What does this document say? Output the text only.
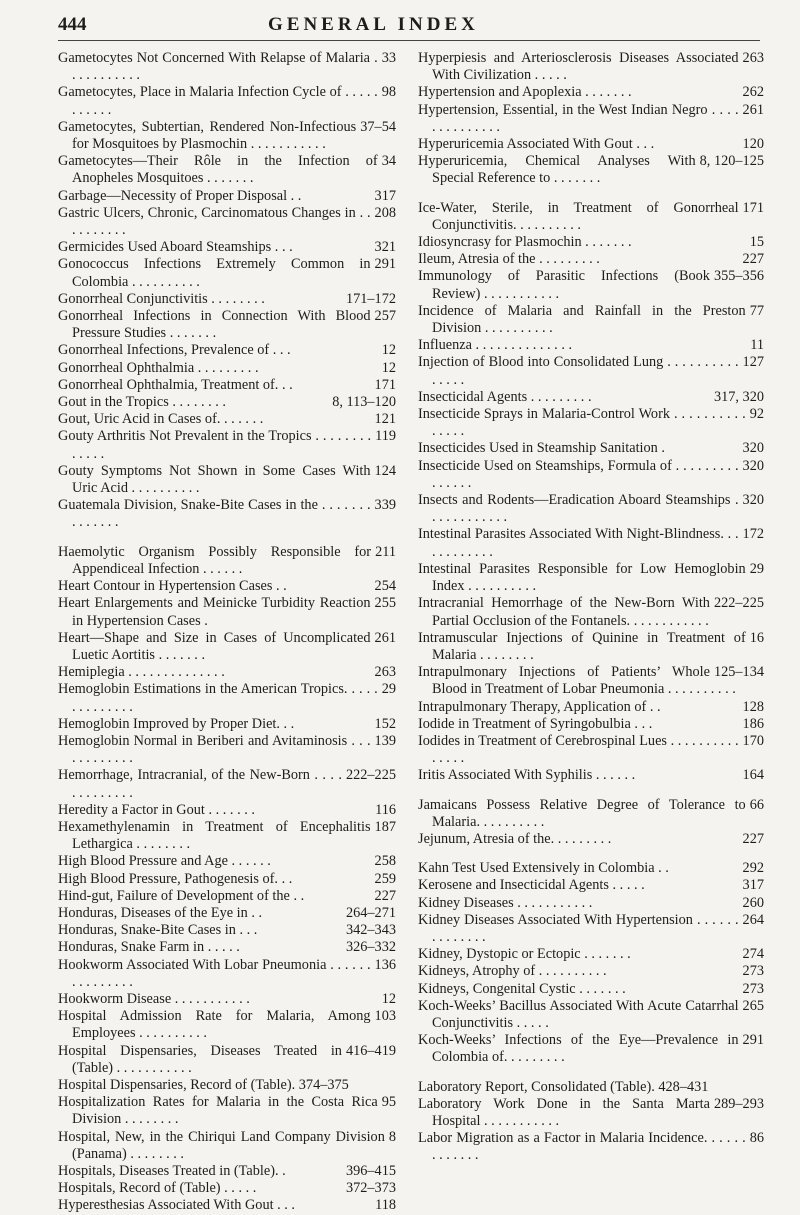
444	GENERAL INDEX

33
Gametocytes Not Concerned With Relapse of Malaria . . . . . . . . . . .

98
Gametocytes, Place in Malaria Infection Cycle of . . . . . . . . . . .

37–54
Gametocytes, Subtertian, Rendered Non-Infectious for Mosquitoes by Plasmochin . . . . . . . . . . .

34
Gametocytes—Their Rôle in the Infection of Anopheles Mosquitoes . . . . . . .

317
Garbage—Necessity of Proper Disposal . .

208
Gastric Ulcers, Chronic, Carcinomatous Changes in . . . . . . . . . .

321
Germicides Used Aboard Steamships . . .

291
Gonococcus Infections Extremely Common in Colombia . . . . . . . . . .

171–172
Gonorrheal Conjunctivitis . . . . . . . .

257
Gonorrheal Infections in Connection With Blood Pressure Studies . . . . . . .

12
Gonorrheal Infections, Prevalence of . . .

12
Gonorrheal Ophthalmia . . . . . . . . .

171
Gonorrheal Ophthalmia, Treatment of. . .

8, 113–120
Gout in the Tropics . . . . . . . .

121
Gout, Uric Acid in Cases of. . . . . . .

119
Gouty Arthritis Not Prevalent in the Tropics . . . . . . . . . . . . .

124
Gouty Symptoms Not Shown in Some Cases With Uric Acid . . . . . . . . . .

339
Guatemala Division, Snake-Bite Cases in the . . . . . . . . . . . . . .

211
Haemolytic Organism Possibly Responsible for Appendiceal Infection . . . . . .

254
Heart Contour in Hypertension Cases . .

255
Heart Enlargements and Meinicke Turbidity Reaction in Hypertension Cases .

261
Heart—Shape and Size in Cases of Uncomplicated Luetic Aortitis . . . . . . .

263
Hemiplegia . . . . . . . . . . . . . .

29
Hemoglobin Estimations in the American Tropics. . . . . . . . . . . . . .

152
Hemoglobin Improved by Proper Diet. . .

139
Hemoglobin Normal in Beriberi and Avitaminosis . . . . . . . . . . . .

222–225
Hemorrhage, Intracranial, of the New-Born . . . . . . . . . . . . .

116
Heredity a Factor in Gout . . . . . . .

187
Hexamethylenamin in Treatment of Encephalitis Lethargica . . . . . . . .

258
High Blood Pressure and Age . . . . . .

259
High Blood Pressure, Pathogenesis of. . .

227
Hind-gut, Failure of Development of the . .

264–271
Honduras, Diseases of the Eye in . .

342–343
Honduras, Snake-Bite Cases in . . .

326–332
Honduras, Snake Farm in . . . . .

136
Hookworm Associated With Lobar Pneumonia . . . . . . . . . . . . . . .

12
Hookworm Disease . . . . . . . . . . .

103
Hospital Admission Rate for Malaria, Among Employees . . . . . . . . . .

416–419
Hospital Dispensaries, Diseases Treated in (Table) . . . . . . . . . . .

Hospital Dispensaries, Record of (Table). 374–375

95
Hospitalization Rates for Malaria in the Costa Rica Division . . . . . . . .

8
Hospital, New, in the Chiriqui Land Company Division (Panama) . . . . . . . .

396–415
Hospitals, Diseases Treated in (Table). .

372–373
Hospitals, Record of (Table) . . . . .

118
Hyperesthesias Associated With Gout . . .

263
Hyperpiesis and Arteriosclerosis Diseases Associated With Civilization . . . . .

262
Hypertension and Apoplexia . . . . . . .

261
Hypertension, Essential, in the West Indian Negro . . . . . . . . . . . . . .

120
Hyperuricemia Associated With Gout . . .

8, 120–125
Hyperuricemia, Chemical Analyses With Special Reference to . . . . . . .

171
Ice-Water, Sterile, in Treatment of Gonorrheal Conjunctivitis. . . . . . . . . .

15
Idiosyncrasy for Plasmochin . . . . . . .

227
Ileum, Atresia of the . . . . . . . . .

355–356
Immunology of Parasitic Infections (Book Review) . . . . . . . . . . .

77
Incidence of Malaria and Rainfall in the Preston Division . . . . . . . . . .

11
Influenza . . . . . . . . . . . . . .

127
Injection of Blood into Consolidated Lung . . . . . . . . . . . . . . .

317, 320
Insecticidal Agents . . . . . . . . .

92
Insecticide Sprays in Malaria-Control Work . . . . . . . . . . . . . . .

320
Insecticides Used in Steamship Sanitation .

320
Insecticide Used on Steamships, Formula of . . . . . . . . . . . . . . .

320
Insects and Rodents—Eradication Aboard Steamships . . . . . . . . . . . .

172
Intestinal Parasites Associated With Night-Blindness. . . . . . . . . . . .

29
Intestinal Parasites Responsible for Low Hemoglobin Index . . . . . . . . . .

222–225
Intracranial Hemorrhage of the New-Born With Partial Occlusion of the Fontanels. . . . . . . . . . . .

16
Intramuscular Injections of Quinine in Treatment of Malaria . . . . . . . .

125–134
Intrapulmonary Injections of Patients’ Whole Blood in Treatment of Lobar Pneumonia . . . . . . . . . .

128
Intrapulmonary Therapy, Application of . .

186
Iodide in Treatment of Syringobulbia . . .

170
Iodides in Treatment of Cerebrospinal Lues . . . . . . . . . . . . . . .

164
Iritis Associated With Syphilis . . . . . .

66
Jamaicans Possess Relative Degree of Tolerance to Malaria. . . . . . . . . .

227
Jejunum, Atresia of the. . . . . . . . .

292
Kahn Test Used Extensively in Colombia . .

317
Kerosene and Insecticidal Agents . . . . .

260
Kidney Diseases . . . . . . . . . . .

264
Kidney Diseases Associated With Hypertension . . . . . . . . . . . . . .

274
Kidney, Dystopic or Ectopic . . . . . . .

273
Kidneys, Atrophy of . . . . . . . . . .

273
Kidneys, Congenital Cystic . . . . . . .

265
Koch-Weeks’ Bacillus Associated With Acute Catarrhal Conjunctivitis . . . . .

291
Koch-Weeks’ Infections of the Eye—Prevalence in Colombia of. . . . . . . . .

Laboratory Report, Consolidated (Table). 428–431

289–293
Laboratory Work Done in the Santa Marta Hospital . . . . . . . . . . .

86
Labor Migration as a Factor in Malaria Incidence. . . . . . . . . . . . .
